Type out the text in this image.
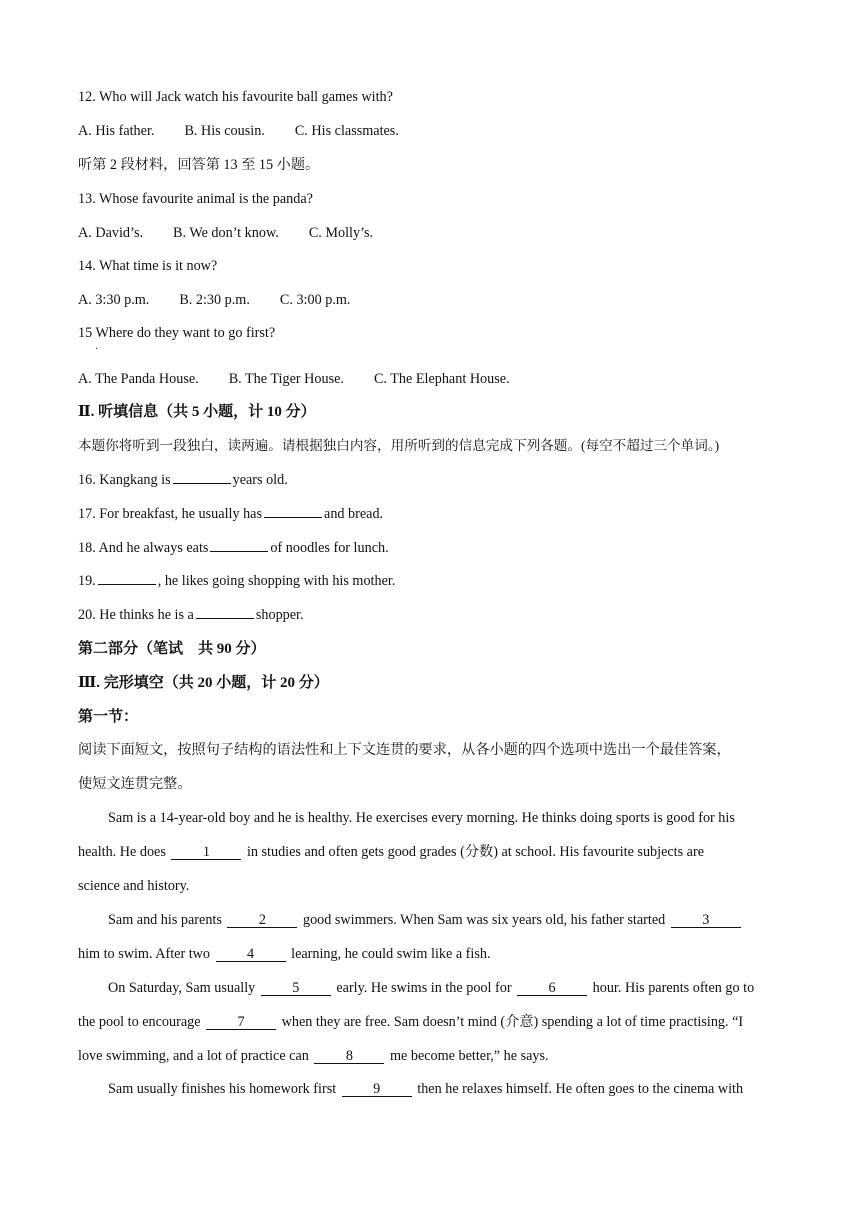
12. Who will Jack watch his favourite ball games with?
A. His father. B. His cousin. C. His classmates.
听第 2 段材料，回答第 13 至 15 小题。
13. Whose favourite animal is the panda?
A. David’s. B. We don’t know. C. Molly’s.
14. What time is it now?
A. 3:30 p.m. B. 2:30 p.m. C. 3:00 p.m.
15 Where do they want to go first?
·
A. The Panda House. B. The Tiger House. C. The Elephant House.
Ⅱ. 听填信息（共 5 小题，计 10 分）
本题你将听到一段独白，读两遍。请根据独白内容，用所听到的信息完成下列各题。(每空不超过三个单词。)
16. Kangkang is	years old.
17. For breakfast, he usually has	and bread.
18. And he always eats	of noodles for lunch.
19.	, he likes going shopping with his mother.
20. He thinks he is a	shopper.
第二部分（笔试　共 90 分）
Ⅲ. 完形填空（共 20 小题，计 20 分）
第一节：
阅读下面短文，按照句子结构的语法性和上下文连贯的要求，从各小题的四个选项中选出一个最佳答案，
使短文连贯完整。
Sam is a 14-year-old boy and he is healthy. He exercises every morning. He thinks doing sports is good for his
health. He does	1	in studies and often gets good grades (分数) at school. His favourite subjects are
science and history.
Sam and his parents	2	good swimmers. When Sam was six years old, his father started	3
him to swim. After two	4	learning, he could swim like a fish.
On Saturday, Sam usually	5	early. He swims in the pool for	6	hour. His parents often go to
the pool to encourage	7	when they are free. Sam doesn’t mind (介意) spending a lot of time practising. “I
love swimming, and a lot of practice can	8	me become better,” he says.
Sam usually finishes his homework first	9	then he relaxes himself. He often goes to the cinema with
